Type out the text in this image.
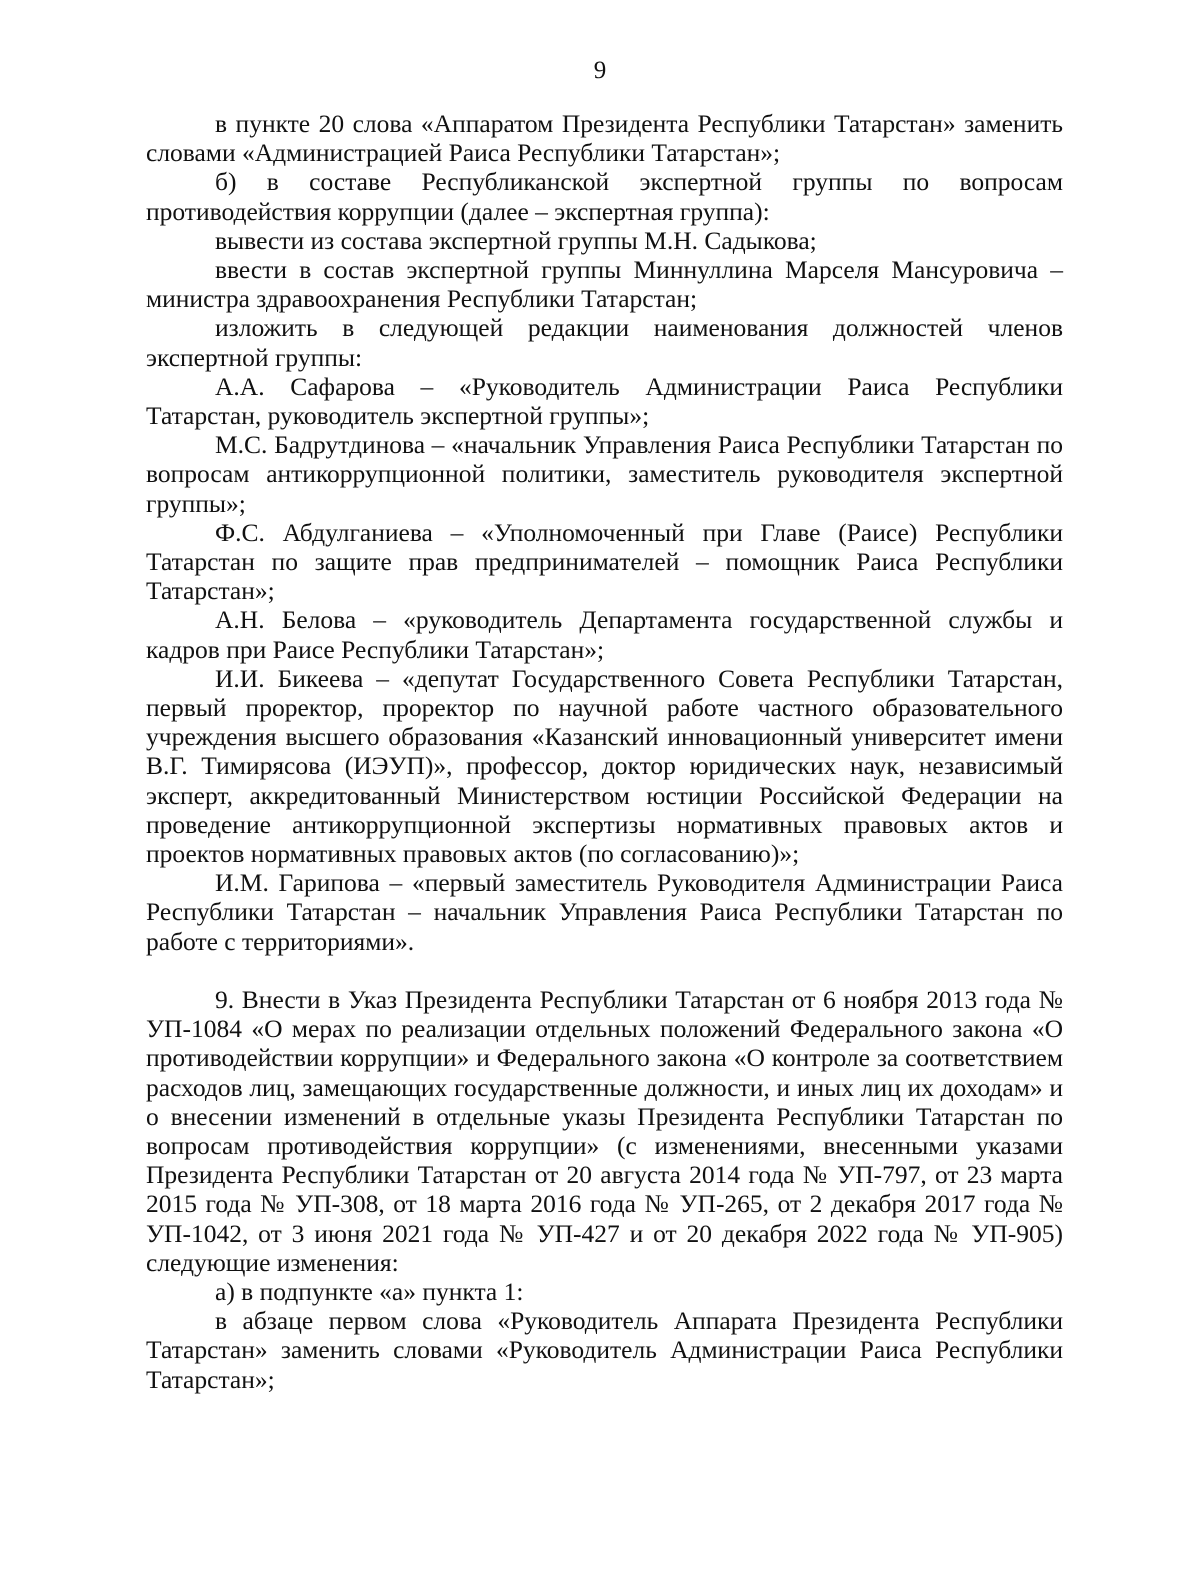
9

в пункте 20 слова «Аппаратом Президента Республики Татарстан» заменить словами «Администрацией Раиса Республики Татарстан»;

б) в составе Республиканской экспертной группы по вопросам противодействия коррупции (далее – экспертная группа):

вывести из состава экспертной группы М.Н. Садыкова;

ввести в состав экспертной группы Миннуллина Марселя Мансуровича – министра здравоохранения Республики Татарстан;

изложить в следующей редакции наименования должностей членов экспертной группы:

А.А. Сафарова – «Руководитель Администрации Раиса Республики Татарстан, руководитель экспертной группы»;

М.С. Бадрутдинова – «начальник Управления Раиса Республики Татарстан по вопросам антикоррупционной политики, заместитель руководителя экспертной группы»;

Ф.С. Абдулганиева – «Уполномоченный при Главе (Раисе) Республики Татарстан по защите прав предпринимателей – помощник Раиса Республики Татарстан»;

А.Н. Белова – «руководитель Департамента государственной службы и кадров при Раисе Республики Татарстан»;

И.И. Бикеева – «депутат Государственного Совета Республики Татарстан, первый проректор, проректор по научной работе частного образовательного учреждения высшего образования «Казанский инновационный университет имени В.Г. Тимирясова (ИЭУП)», профессор, доктор юридических наук, независимый эксперт, аккредитованный Министерством юстиции Российской Федерации на проведение антикоррупционной экспертизы нормативных правовых актов и проектов нормативных правовых актов (по согласованию)»;

И.М. Гарипова – «первый заместитель Руководителя Администрации Раиса Республики Татарстан – начальник Управления Раиса Республики Татарстан по работе с территориями».

9. Внести в Указ Президента Республики Татарстан от 6 ноября 2013 года № УП-1084 «О мерах по реализации отдельных положений Федерального закона «О противодействии коррупции» и Федерального закона «О контроле за соответствием расходов лиц, замещающих государственные должности, и иных лиц их доходам» и о внесении изменений в отдельные указы Президента Республики Татарстан по вопросам противодействия коррупции» (с изменениями, внесенными указами Президента Республики Татарстан от 20 августа 2014 года № УП-797, от 23 марта 2015 года № УП-308, от 18 марта 2016 года № УП-265, от 2 декабря 2017 года № УП-1042, от 3 июня 2021 года № УП-427 и от 20 декабря 2022 года № УП-905) следующие изменения:

а) в подпункте «а» пункта 1:

в абзаце первом слова «Руководитель Аппарата Президента Республики Татарстан» заменить словами «Руководитель Администрации Раиса Республики Татарстан»;
